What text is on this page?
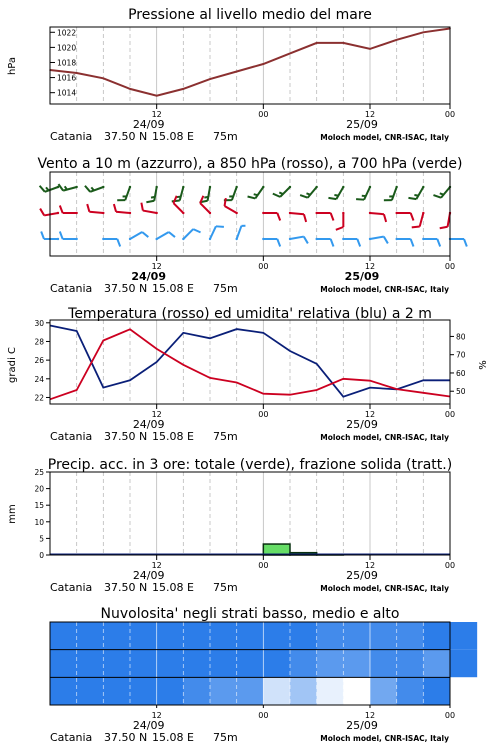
Pressione al livello medio del mare
1014
1016
1018
1020
1022
hPa
12	00	12	00
24/09	25/09
Catania 37.50 N 15.08 E 75m	Moloch model, CNR-ISAC, Italy
Vento a 10 m (azzurro), a 850 hPa (rosso), a 700 hPa (verde)
12	00	12	00
24/09	25/09
Catania 37.50 N 15.08 E 75m	Moloch model, CNR-ISAC, Italy
Temperatura (rosso) ed umidita' relativa (blu) a 2 m
22
24
26
28
30
50
60
70
80
gradi C	%
12	00	12	00
24/09	25/09
Catania 37.50 N 15.08 E 75m	Moloch model, CNR-ISAC, Italy
Precip. acc. in 3 ore: totale (verde), frazione solida (tratt.)
0
5
10
15
20
25
mm
12	00	12	00
24/09	25/09
Catania 37.50 N 15.08 E 75m	Moloch model, CNR-ISAC, Italy
Nuvolosita' negli strati basso, medio e alto
12	00	12	00
24/09	25/09
Catania 37.50 N 15.08 E 75m	Moloch model, CNR-ISAC, Italy
